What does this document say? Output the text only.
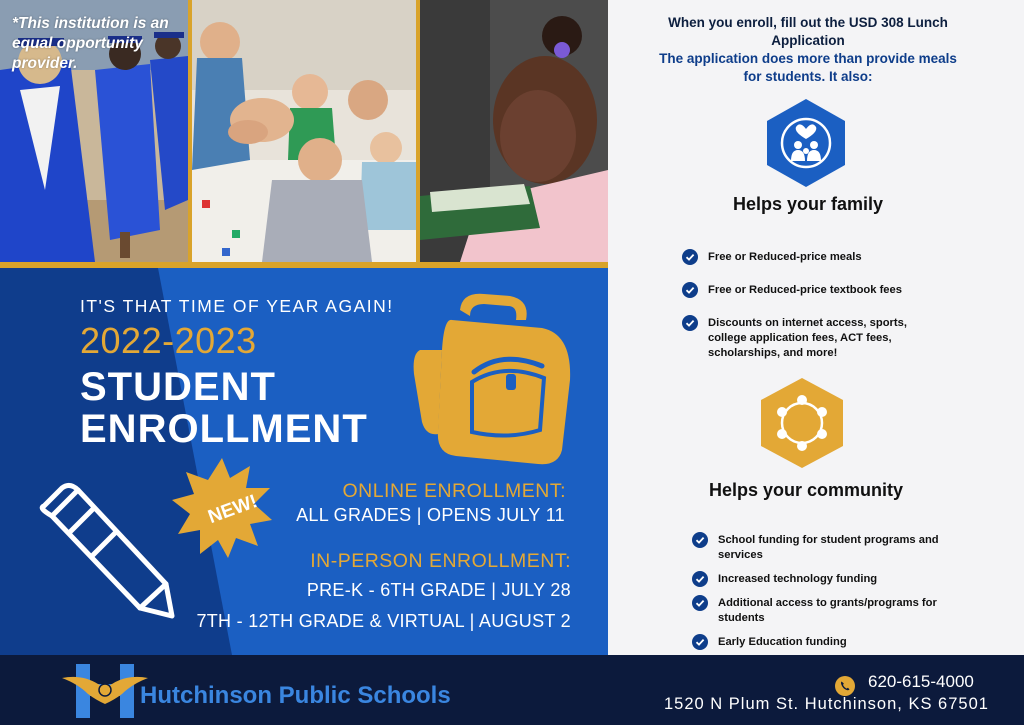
*This institution is an equal opportunity provider.
IT'S THAT TIME OF YEAR AGAIN!
2022-2023
STUDENT
ENROLLMENT
NEW!
ONLINE ENROLLMENT:
ALL GRADES | OPENS JULY 11
IN-PERSON ENROLLMENT:
PRE-K - 6TH GRADE | JULY 28
7TH - 12TH GRADE & VIRTUAL | AUGUST 2
When you enroll, fill out the USD 308 Lunch Application
The application does more than provide meals for students. It also:
Helps your family
Free or Reduced-price meals
Free or Reduced-price textbook fees
Discounts on internet access, sports, college application fees, ACT fees, scholarships, and more!
Helps your community
School funding for student programs and services
Increased technology funding
Additional access to grants/programs for students
Early Education funding
Hutchinson Public Schools
620-615-4000
1520 N Plum St. Hutchinson, KS 67501
